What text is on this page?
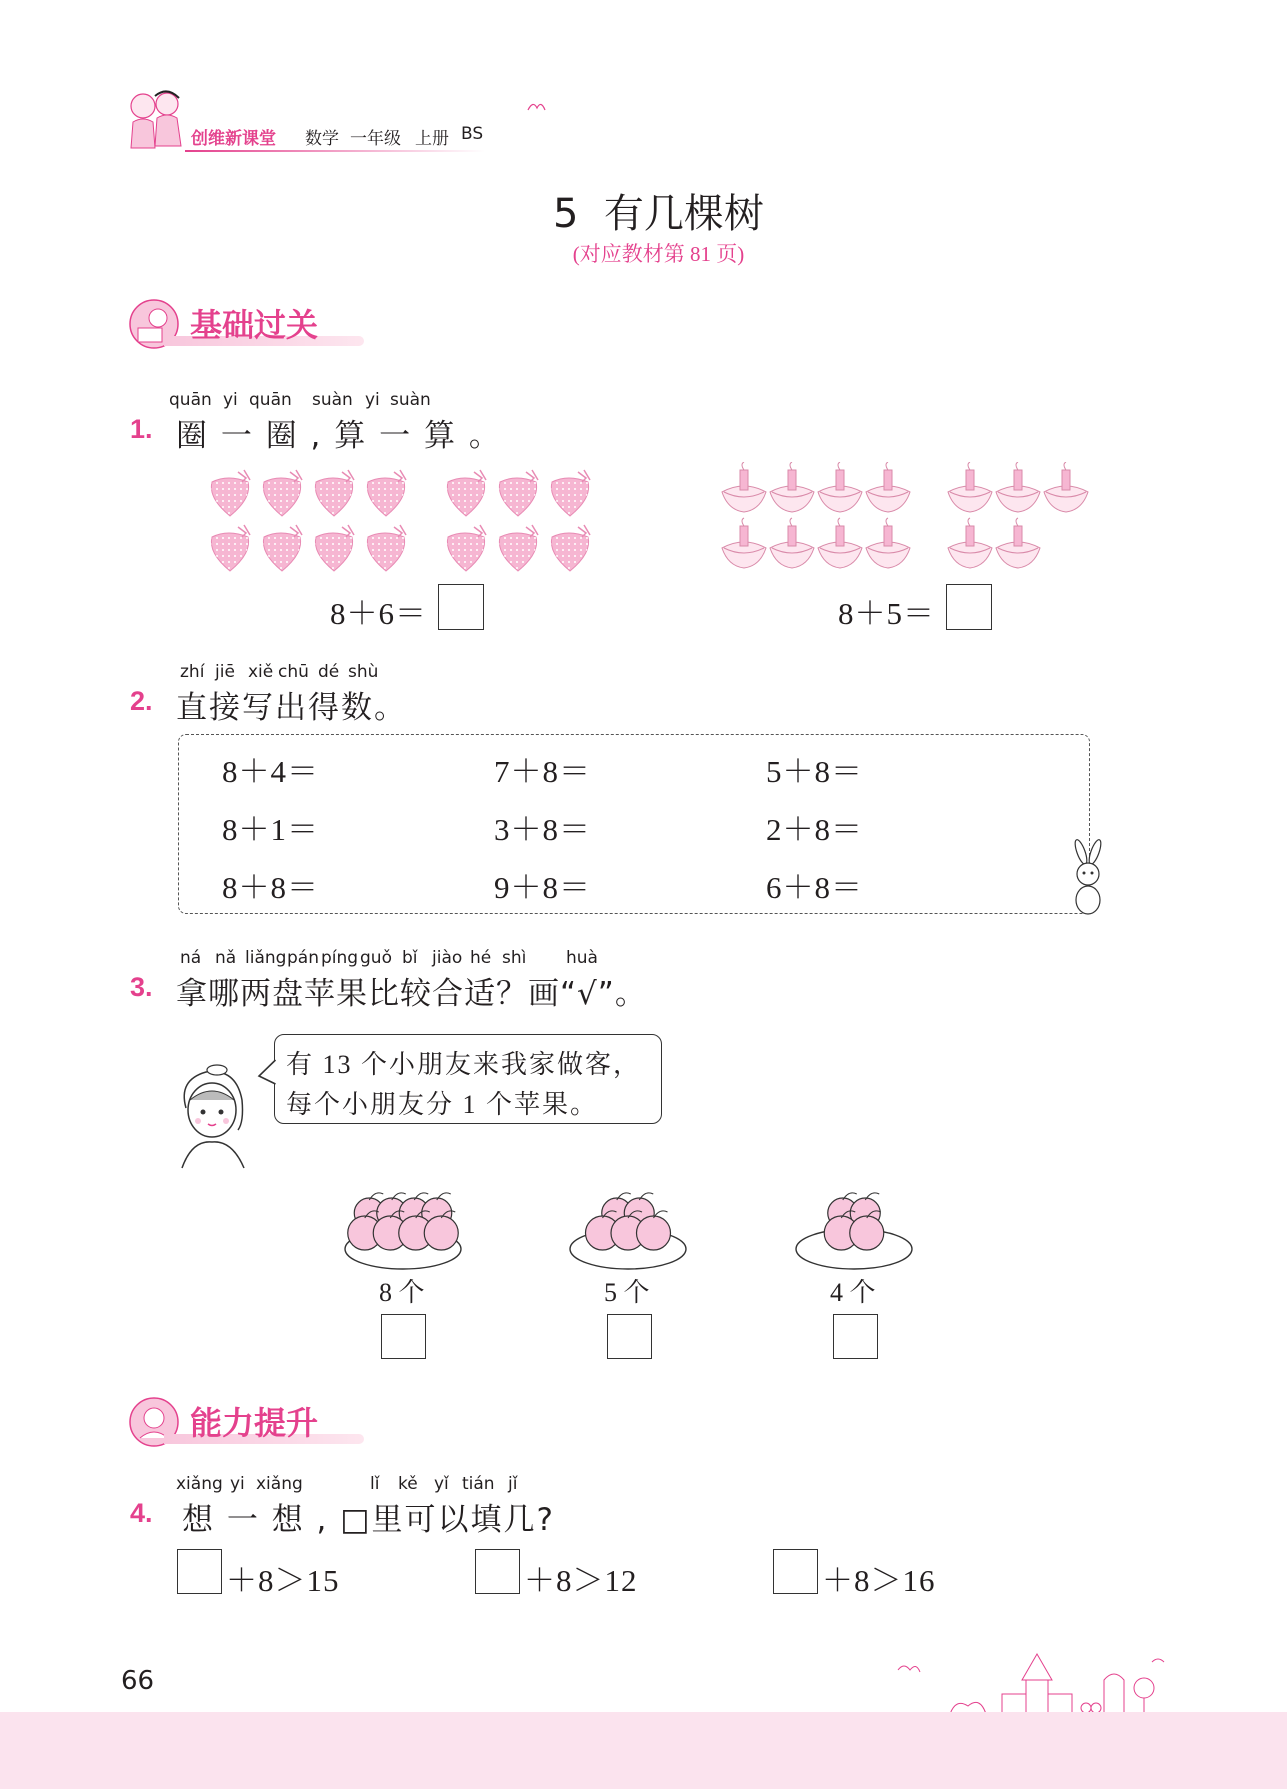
创维新课堂 数学 一年级 上册 BS
5  有几棵树
(对应教材第 81 页)
基础过关
quān yi quān suàn yi suàn
1. 圈 一 圈 , 算 一 算 。
8＋6＝	8＋5＝
zhí jiē xiě chū dé shù
2. 直接写出得数。
8＋4＝	7＋8＝	5＋8＝
8＋1＝	3＋8＝	2＋8＝
8＋8＝	9＋8＝	6＋8＝
ná nǎ liǎng pán píng guǒ bǐ jiào hé shì huà
3. 拿哪两盘苹果比较合适？画“√”。
有 13 个小朋友来我家做客，
每个小朋友分 1 个苹果。
8 个	5 个	4 个
能力提升
xiǎng yi xiǎng	lǐ kě yǐ tián jǐ
4. 想 一 想 , □里可以填几?
＋8＞15	＋8＞12	＋8＞16
66
